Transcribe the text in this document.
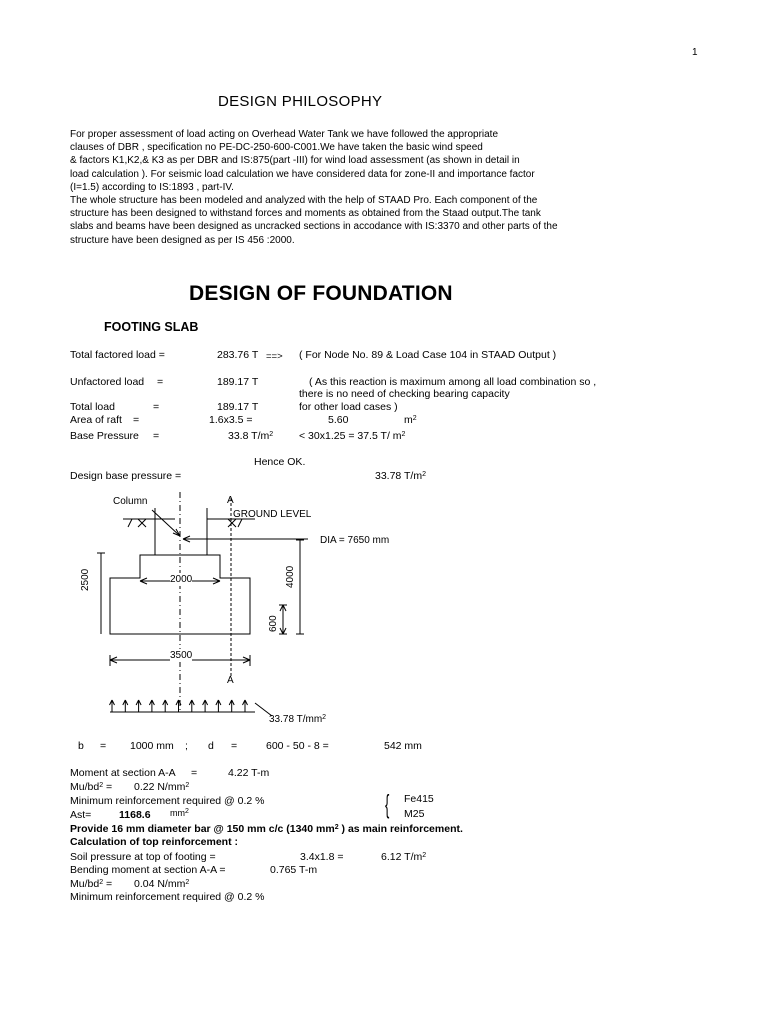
1
DESIGN PHILOSOPHY
For proper assessment of load acting on Overhead Water Tank we have followed the appropriate
clauses of DBR , specification no PE-DC-250-600-C001.We have taken the basic wind speed
& factors K1,K2,& K3 as per DBR and IS:875(part -III) for wind load assessment (as shown in detail in
load calculation ). For seismic load calculation we have considered data for zone-II and importance factor
(I=1.5) according to IS:1893 , part-IV.
The whole structure has been modeled and analyzed with the help of STAAD Pro. Each component of the
structure has been designed to withstand forces and moments as obtained from the Staad output.The tank
slabs and beams have been designed as uncracked sections in accodance with IS:3370 and other parts of the
structure have been designed as per IS 456 :2000.
DESIGN OF FOUNDATION
FOOTING SLAB
Total factored load =	283.76 T ==> ( For Node No. 89 & Load Case 104 in STAAD Output )
Unfactored load =	189.17 T	( As this reaction is maximum among all load combination so ,
there is no need of checking bearing capacity
for other load cases )
Total load	=	189.17 T
Area of raft =	1.6x3.5 =	5.60	$m^2$
Base Pressure =	33.8 $T/m^2 < 30x1.25 = 37.5$ T/ $m^2$
Hence OK.
Design base pressure =	33.78 $T/m^2$
Column	A
GROUND LEVEL
DIA = 7650 mm
2000
2500	4000
600
3500
A
33.78 $T/mm^2$
b = 1000 mm ; d =	600 - 50 - 8 =	542 mm
Moment at section A-A =	4.22 T-m
$Mu/bd^2 = 0.22$ $N/mm^2$
Minimum reinforcement required @ 0.2 %	{ Fe415
M25
Ast=	1168.6 $mm^2$
Provide 16 mm diameter bar @ 150 mm c/c (1340 $mm^2$ ) as main reinforcement.
Calculation of top reinforcement :
Soil pressure at top of footing =	3.4x1.8 =	6.12 $T/m^2$
Bending moment at section A-A =	0.765 T-m
$Mu/bd^2 = 0.04$ $N/mm^2$
Minimum reinforcement required @ 0.2 %
